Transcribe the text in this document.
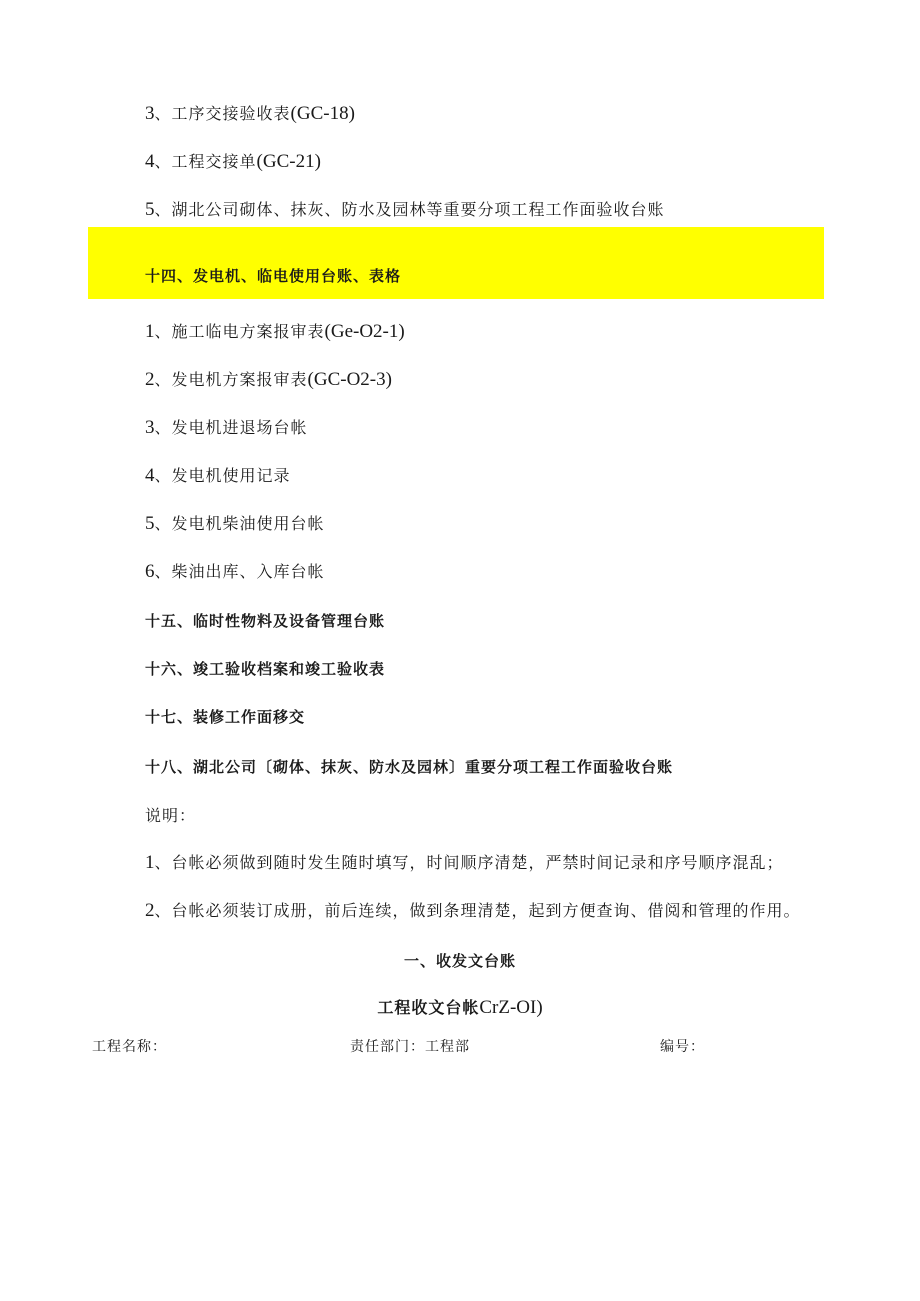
3、工序交接验收表(GC-18)
4、工程交接单(GC-21)
5、湖北公司砌体、抹灰、防水及园林等重要分项工程工作面验收台账
十四、发电机、临电使用台账、表格
1、施工临电方案报审表(Ge-O2-1)
2、发电机方案报审表(GC-O2-3)
3、发电机进退场台帐
4、发电机使用记录
5、发电机柴油使用台帐
6、柴油出库、入库台帐
十五、临时性物料及设备管理台账
十六、竣工验收档案和竣工验收表
十七、装修工作面移交
十八、湖北公司〔砌体、抹灰、防水及园林〕重要分项工程工作面验收台账
说明：
1、台帐必须做到随时发生随时填写，时间顺序清楚，严禁时间记录和序号顺序混乱；
2、台帐必须装订成册，前后连续，做到条理清楚，起到方便查询、借阅和管理的作用。
一、收发文台账
工程收文台帐CrZ-OI)
工程名称：	责任部门：工程部	编号：
